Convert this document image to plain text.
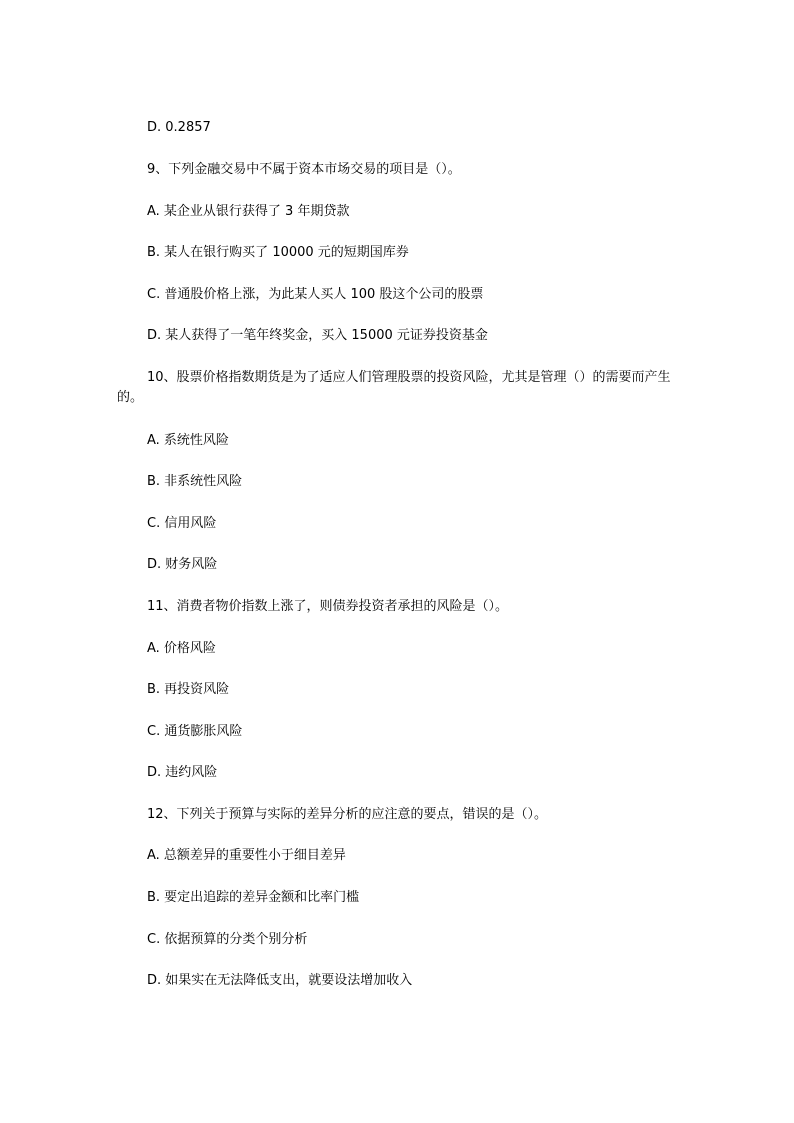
D. 0.2857
9、下列金融交易中不属于资本市场交易的项目是（）。
A. 某企业从银行获得了 3 年期贷款
B. 某人在银行购买了 10000 元的短期国库券
C. 普通股价格上涨，为此某人买人 100 股这个公司的股票
D. 某人获得了一笔年终奖金，买入 15000 元证券投资基金
10、股票价格指数期货是为了适应人们管理股票的投资风险，尤其是管理（）的需要而产生的。
A. 系统性风险
B. 非系统性风险
C. 信用风险
D. 财务风险
11、消费者物价指数上涨了，则债券投资者承担的风险是（）。
A. 价格风险
B. 再投资风险
C. 通货膨胀风险
D. 违约风险
12、下列关于预算与实际的差异分析的应注意的要点，错误的是（）。
A. 总额差异的重要性小于细目差异
B. 要定出追踪的差异金额和比率门槛
C. 依据预算的分类个别分析
D. 如果实在无法降低支出，就要设法增加收入
